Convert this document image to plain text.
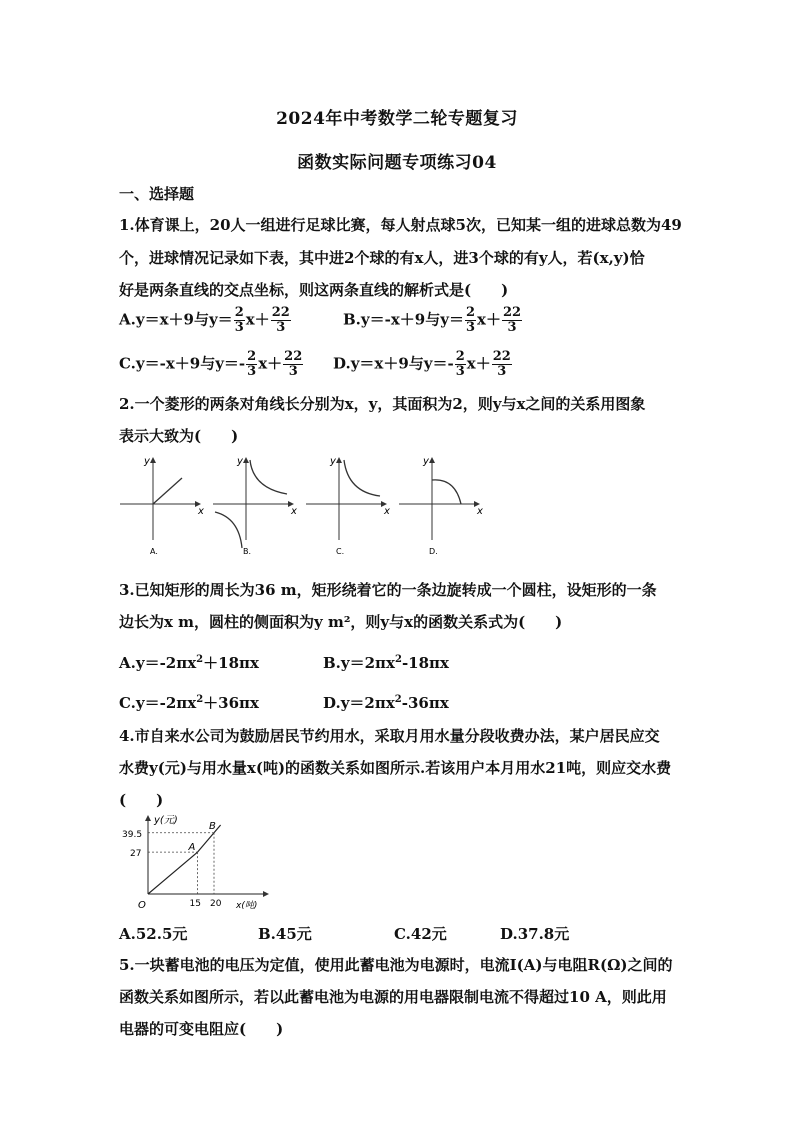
2024年中考数学二轮专题复习
函数实际问题专项练习04
一、选择题
1.体育课上，20人一组进行足球比赛，每人射点球5次，已知某一组的进球总数为49
个，进球情况记录如下表，其中进2个球的有x人，进3个球的有y人，若(x,y)恰
好是两条直线的交点坐标，则这两条直线的解析式是(　　)
A.y＝x＋9与$y= \frac{2}{3} x+ \frac{22}{3}$	B.y＝-x＋9与$y= \frac{2}{3} x+ \frac{22}{3}$
C.y＝-x＋9与$y=- \frac{2}{3} x+ \frac{22}{3} D.y=x+9$与$y=- \frac{2}{3} x+ \frac{22}{3}$
2.一个菱形的两条对角线长分别为x，y，其面积为2，则y与x之间的关系用图象
表示大致为(　　)
y
x
A.
y
x
B.
y
x
C.
y
x
D.
3.已知矩形的周长为36 m，矩形绕着它的一条边旋转成一个圆柱，设矩形的一条
边长为x m，圆柱的侧面积为y m²，则y与x的函数关系式为(　　)
$A.y=-2\pi x^2+18\pi x$	$B.y=2\pi x^2-18\pi x$
$C.y=-2\pi x^2+36\pi x$	$D.y=2\pi x^2-36\pi x$
4.市自来水公司为鼓励居民节约用水，采取月用水量分段收费办法，某户居民应交
水费y(元)与用水量x(吨)的函数关系如图所示.若该用户本月用水21吨，则应交水费
(　　)
y(元)
x(吨)
O
39.5
27
15 20
A
B
A.52.5元	B.45元	C.42元	D.37.8元
5.一块蓄电池的电压为定值，使用此蓄电池为电源时，电流I(A)与电阻R(Ω)之间的
函数关系如图所示，若以此蓄电池为电源的用电器限制电流不得超过10 A，则此用
电器的可变电阻应(　　)
